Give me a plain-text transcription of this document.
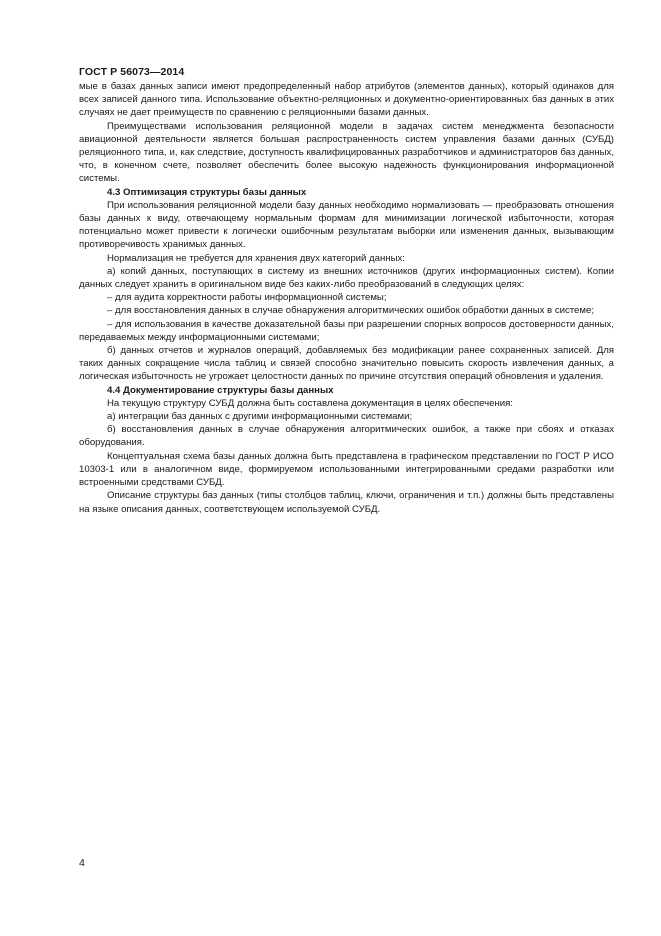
ГОСТ Р 56073—2014

мые в базах данных записи имеют предопределенный набор атрибутов (элементов данных), который одинаков для всех записей данного типа. Использование объектно-реляционных и документно-ориентированных баз данных в этих случаях не дает преимуществ по сравнению с реляционными базами данных.

Преимуществами использования реляционной модели в задачах систем менеджмента безопасности авиационной деятельности является большая распространенность систем управления базами данных (СУБД) реляционного типа, и, как следствие, доступность квалифицированных разработчиков и администраторов баз данных, что, в конечном счете, позволяет обеспечить более высокую надежность функционирования информационной системы.

4.3 Оптимизация структуры базы данных

При использования реляционной модели базу данных необходимо нормализовать — преобразовать отношения базы данных к виду, отвечающему нормальным формам для минимизации логической избыточности, которая потенциально может привести к логически ошибочным результатам выборки или изменения данных, вызывающим противоречивость хранимых данных.

Нормализация не требуется для хранения двух категорий данных:

а) копий данных, поступающих в систему из внешних источников (других информационных систем). Копии данных следует хранить в оригинальном виде без каких-либо преобразований в следующих целях:

– для аудита корректности работы информационной системы;

– для восстановления данных в случае обнаружения алгоритмических ошибок обработки данных в системе;

– для использования в качестве доказательной базы при разрешении спорных вопросов достоверности данных, передаваемых между информационными системами;

б) данных отчетов и журналов операций, добавляемых без модификации ранее сохраненных записей. Для таких данных сокращение числа таблиц и связей способно значительно повысить скорость извлечения данных, а логическая избыточность не угрожает целостности данных по причине отсутствия операций обновления и удаления.

4.4 Документирование структуры базы данных

На текущую структуру СУБД должна быть составлена документация в целях обеспечения:

а) интеграции баз данных с другими информационными системами;

б) восстановления данных в случае обнаружения алгоритмических ошибок, а также при сбоях и отказах оборудования.

Концептуальная схема базы данных должна быть представлена в графическом представлении по ГОСТ Р ИСО 10303-1 или в аналогичном виде, формируемом использованными интегрированными средами разработки или встроенными средствами СУБД.

Описание структуры баз данных (типы столбцов таблиц, ключи, ограничения и т.п.) должны быть представлены на языке описания данных, соответствующем используемой СУБД.

4
